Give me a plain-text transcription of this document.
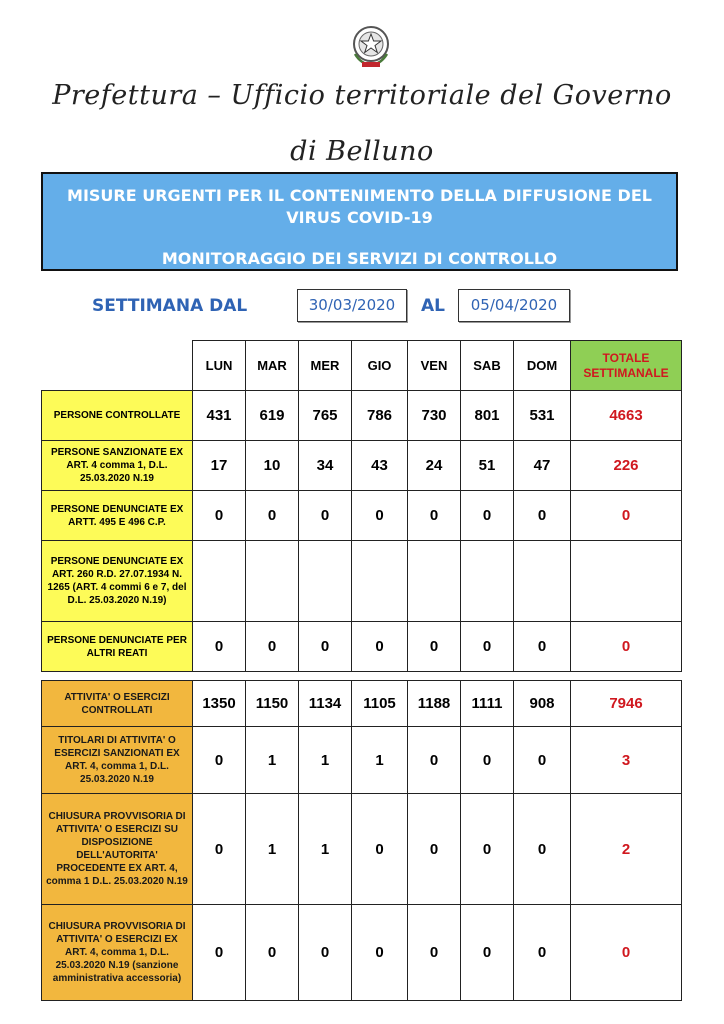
Prefettura – Ufficio territoriale del Governo
di Belluno
MISURE URGENTI PER IL CONTENIMENTO DELLA DIFFUSIONE DEL
VIRUS COVID-19
MONITORAGGIO DEI SERVIZI DI CONTROLLO
SETTIMANA DAL	30/03/2020	AL	05/04/2020
	LUN	MAR	MER	GIO	VEN	SAB	DOM	TOTALE
SETTIMANALE
PERSONE CONTROLLATE	431	619	765	786	730	801	531	4663
PERSONE SANZIONATE EX ART. 4 comma 1, D.L. 25.03.2020 N.19	17	10	34	43	24	51	47	226
PERSONE DENUNCIATE EX ARTT. 495 E 496 C.P.	0	0	0	0	0	0	0	0
PERSONE DENUNCIATE EX ART. 260 R.D. 27.07.1934 N. 1265 (ART. 4 commi 6 e 7, del D.L. 25.03.2020 N.19)								
PERSONE DENUNCIATE PER ALTRI REATI	0	0	0	0	0	0	0	0
ATTIVITA' O ESERCIZI CONTROLLATI	1350	1150	1134	1105	1188	1111	908	7946
TITOLARI DI ATTIVITA' O ESERCIZI SANZIONATI EX ART. 4, comma 1, D.L. 25.03.2020 N.19	0	1	1	1	0	0	0	3
CHIUSURA PROVVISORIA DI ATTIVITA' O ESERCIZI SU DISPOSIZIONE DELL'AUTORITA' PROCEDENTE EX ART. 4, comma 1 D.L. 25.03.2020 N.19	0	1	1	0	0	0	0	2
CHIUSURA PROVVISORIA DI ATTIVITA' O ESERCIZI EX ART. 4, comma 1, D.L. 25.03.2020 N.19 (sanzione amministrativa accessoria)	0	0	0	0	0	0	0	0
